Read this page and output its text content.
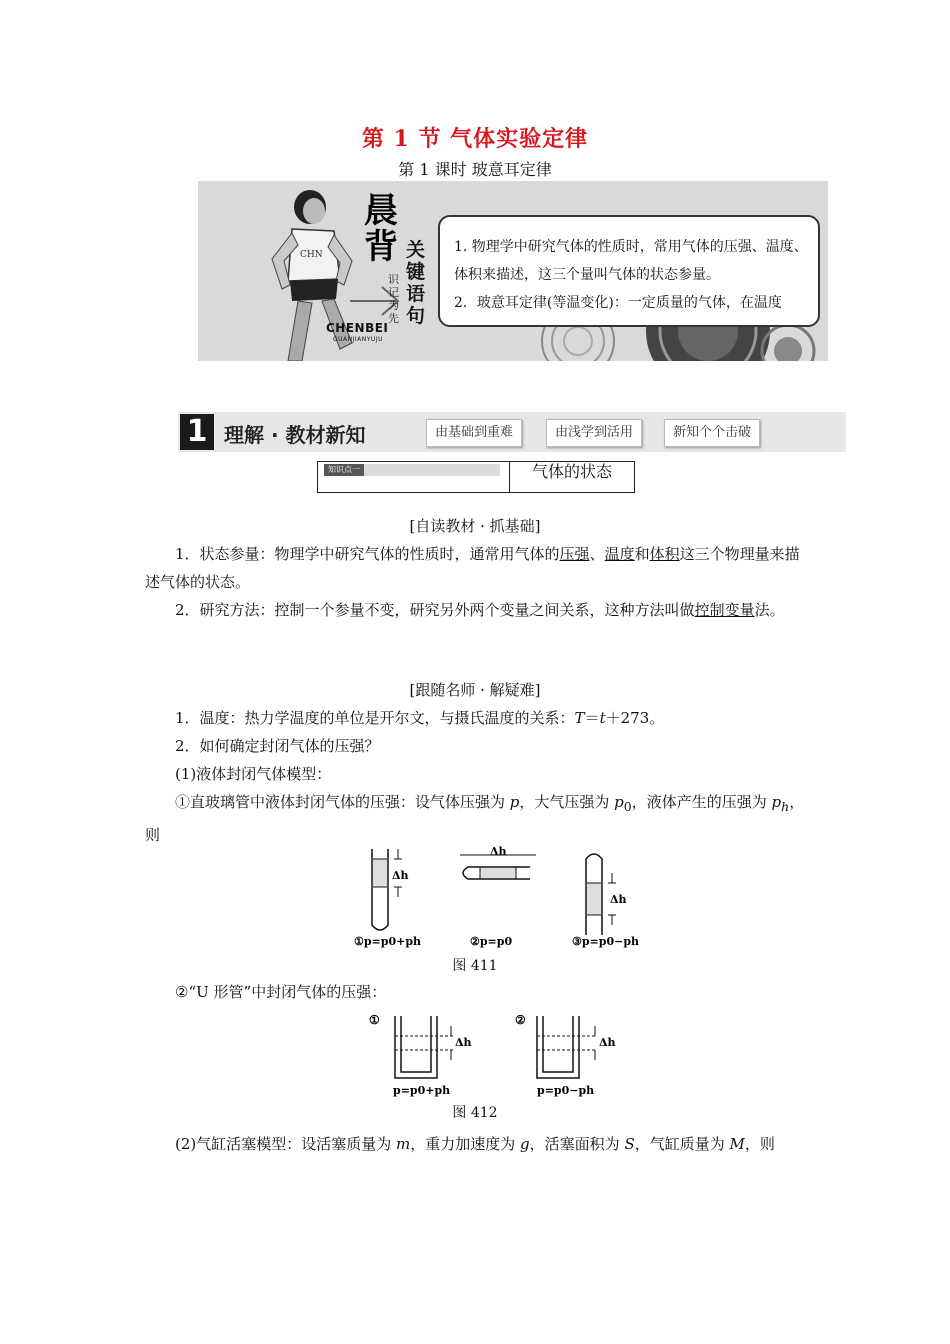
第 1 节 气体实验定律
第 1 课时 玻意耳定律
CHN
晨背 关键语句
识记为先
CHENBEI
GUANJIANYUJU
1. 物理学中研究气体的性质时，常用气体的压强、温度、体积来描述，这三个量叫气体的状态参量。
2．玻意耳定律(等温变化)：一定质量的气体，在温度
1 理解 · 教材新知	由基础到重难	由浅学到活用	新知个个击破
知识点一	气体的状态
[自读教材 · 抓基础]
1．状态参量：物理学中研究气体的性质时，通常用气体的压强、温度和体积这三个物理量来描述气体的状态。
2．研究方法：控制一个参量不变，研究另外两个变量之间关系，这种方法叫做控制变量法。
[跟随名师 · 解疑难]
1．温度：热力学温度的单位是开尔文，与摄氏温度的关系：T＝t＋273。
2．如何确定封闭气体的压强？
(1)液体封闭气体模型：
①直玻璃管中液体封闭气体的压强：设气体压强为 p，大气压强为 $p_0$，液体产生的压强为 $p_h$，则
Δh
Δh
Δh
①p=p0+ph	②p=p0	③p=p0−ph
图 411
②“U 形管”中封闭气体的压强：
①
Δh
p=p0+ph
②
Δh
p=p0−ph
图 412
(2)气缸活塞模型：设活塞质量为 m，重力加速度为 g，活塞面积为 S，气缸质量为 M，则
